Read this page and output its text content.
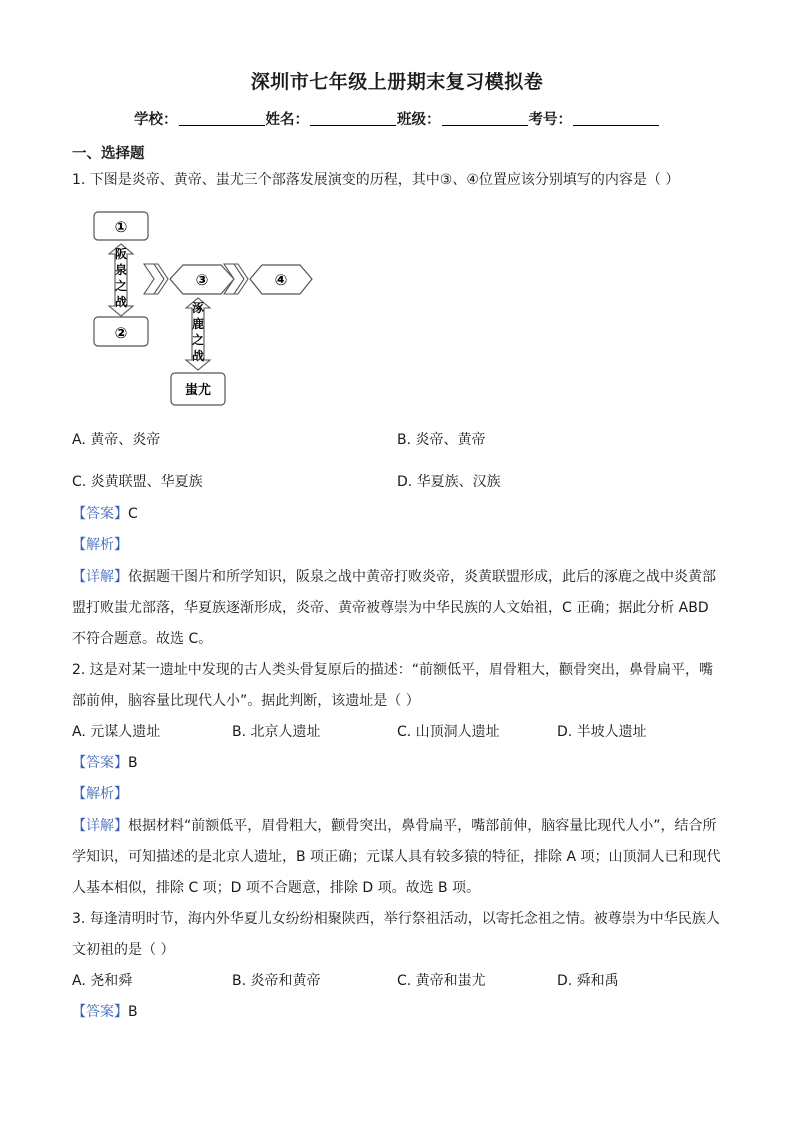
深圳市七年级上册期末复习模拟卷
学校：	姓名：	班级：	考号：
一、选择题
1. 下图是炎帝、黄帝、蚩尤三个部落发展演变的历程，其中③、④位置应该分别填写的内容是（ ）
①
②
阪
泉
之
战
③	④
涿
鹿
之
战
蚩尤
A. 黄帝、炎帝	B. 炎帝、黄帝
C. 炎黄联盟、华夏族	D. 华夏族、汉族
【答案】C
【解析】
【详解】依据题干图片和所学知识，阪泉之战中黄帝打败炎帝，炎黄联盟形成，此后的涿鹿之战中炎黄部
盟打败蚩尤部落，华夏族逐渐形成，炎帝、黄帝被尊崇为中华民族的人文始祖，C 正确；据此分析 ABD
不符合题意。故选 C。
2. 这是对某一遗址中发现的古人类头骨复原后的描述：“前额低平，眉骨粗大，颧骨突出，鼻骨扁平，嘴
部前伸，脑容量比现代人小”。据此判断，该遗址是（ ）
A. 元谋人遗址	B. 北京人遗址	C. 山顶洞人遗址	D. 半坡人遗址
【答案】B
【解析】
【详解】根据材料“前额低平，眉骨粗大，颧骨突出，鼻骨扁平，嘴部前伸，脑容量比现代人小”，结合所
学知识，可知描述的是北京人遗址，B 项正确；元谋人具有较多猿的特征，排除 A 项；山顶洞人已和现代
人基本相似，排除 C 项；D 项不合题意，排除 D 项。故选 B 项。
3. 每逢清明时节，海内外华夏儿女纷纷相聚陕西，举行祭祖活动，以寄托念祖之情。被尊崇为中华民族人
文初祖的是（ ）
A. 尧和舜	B. 炎帝和黄帝	C. 黄帝和蚩尤	D. 舜和禹
【答案】B
